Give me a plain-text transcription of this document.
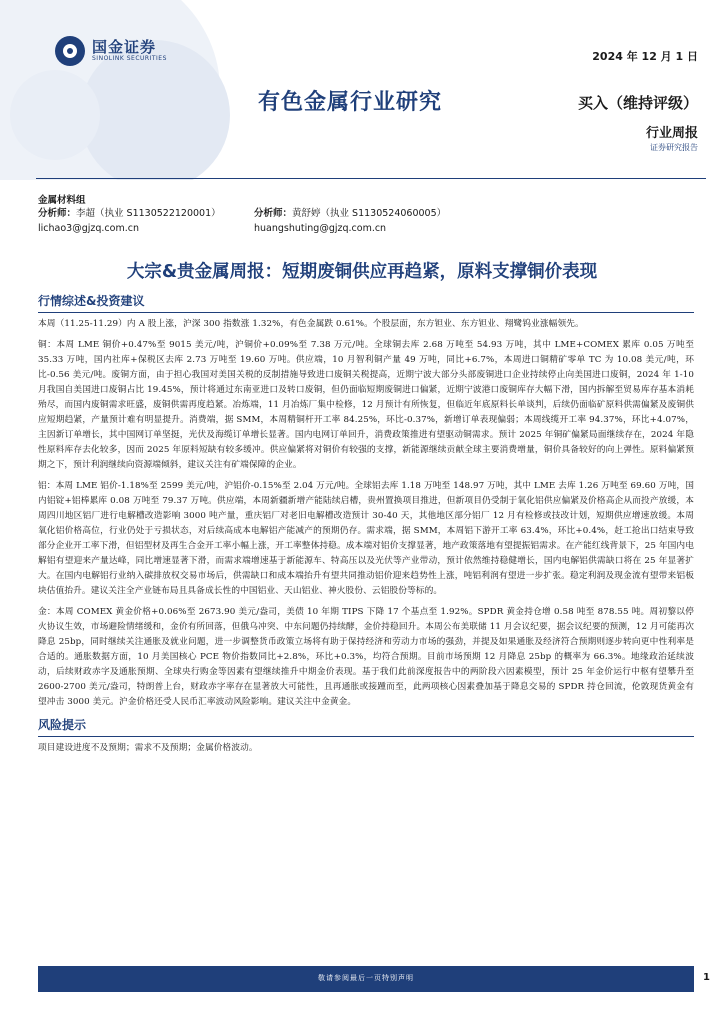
国金证券
SINOLINK SECURITIES	2024 年 12 月 1 日
有色金属行业研究	买入（维持评级）
行业周报
证券研究报告
金属材料组
分析师：李超（执业 S1130522120001）
lichao3@gjzq.com.cn
分析师：黄舒婷（执业 S1130524060005）
huangshuting@gjzq.com.cn
大宗&贵金属周报：短期废铜供应再趋紧，原料支撑铜价表现
行情综述&投资建议

本周（11.25-11.29）内 A 股上涨，沪深 300 指数涨 1.32%，有色金属跌 0.61%。个股层面，东方钽业、东方钽业、翔鹭钨业涨幅领先。

铜：本周 LME 铜价+0.47%至 9015 美元/吨，沪铜价+0.09%至 7.38 万元/吨。全球铜去库 2.68 万吨至 54.93 万吨，其中 LME+COMEX 累库 0.05 万吨至 35.33 万吨，国内社库+保税区去库 2.73 万吨至 19.60 万吨。供应端，10 月智利铜产量 49 万吨，同比+6.7%，本周进口铜精矿零单 TC 为 10.08 美元/吨，环比-0.56 美元/吨。废铜方面，由于担心我国对美国关税的反制措施导致进口废铜关税提高，近期宁波大部分头部废铜进口企业持续停止向美国进口废铜，2024 年 1-10 月我国自美国进口废铜占比 19.45%，预计将通过东南亚进口及转口废铜，但仍面临短期废铜进口偏紧，近期宁波港口废铜库存大幅下滑，国内拆解至贸易库存基本消耗殆尽，而国内废铜需求旺盛，废铜供需再度趋紧。冶炼端，11 月冶炼厂集中检修，12 月预计有所恢复，但临近年底原料长单谈判，后续仍面临矿原料供需偏紧及废铜供应短期趋紧，产量预计难有明显提升。消费端，据 SMM，本周精铜杆开工率 84.25%，环比-0.37%，新增订单表现偏弱；本周线缆开工率 94.37%，环比+4.07%，主因新订单增长，其中国网订单坚挺，光伏及海缆订单增长显著。国内电网订单回升，消费政策推进有望驱动铜需求。预计 2025 年铜矿偏紧局面继续存在，2024 年隐性原料库存去化较多，因而 2025 年原料短缺有较多缓冲。供应偏紧将对铜价有较强的支撑，新能源继续贡献全球主要消费增量，铜价具备较好的向上弹性。原料偏紧预期之下，预计利润继续向资源端倾斜，建议关注有矿端保障的企业。

铝：本周 LME 铝价-1.18%至 2599 美元/吨，沪铝价-0.15%至 2.04 万元/吨。全球铝去库 1.18 万吨至 148.97 万吨，其中 LME 去库 1.26 万吨至 69.60 万吨，国内铝锭+铝棒累库 0.08 万吨至 79.37 万吨。供应端，本周新疆新增产能陆续启槽，贵州置换项目推进，但新项目仍受制于氧化铝供应偏紧及价格高企从而投产放缓，本周四川地区铝厂进行电解槽改造影响 3000 吨产量，重庆铝厂对老旧电解槽改造预计 30-40 天，其他地区部分铝厂 12 月有检修或技改计划，短期供应增速放缓。本周氧化铝价格高位，行业仍处于亏损状态，对后续高成本电解铝产能减产的预期仍存。需求端，据 SMM，本周铝下游开工率 63.4%，环比+0.4%，赶工抢出口结束导致部分企业开工率下滑，但铝型材及再生合金开工率小幅上涨，开工率整体持稳。成本端对铝价支撑显著，地产政策落地有望提振铝需求。在产能红线背景下，25 年国内电解铝有望迎来产量达峰，同比增速显著下滑，而需求端增速基于新能源车、特高压以及光伏等产业带动，预计依然维持稳健增长，国内电解铝供需缺口将在 25 年显著扩大。在国内电解铝行业纳入碳排放权交易市场后，供需缺口和成本端抬升有望共同推动铝价迎来趋势性上涨，吨铝利润有望进一步扩张。稳定利润及现金流有望带来铝板块估值抬升。建议关注全产业链布局且具备成长性的中国铝业、天山铝业、神火股份、云铝股份等标的。

金：本周 COMEX 黄金价格+0.06%至 2673.90 美元/盎司，美债 10 年期 TIPS 下降 17 个基点至 1.92%。SPDR 黄金持仓增 0.58 吨至 878.55 吨。周初黎以停火协议生效，市场避险情绪缓和，金价有所回落，但俄乌冲突、中东问题仍持续酵，金价持稳回升。本周公布美联储 11 月会议纪要，据会议纪要的预测，12 月可能再次降息 25bp，同时继续关注通胀及就业问题，进一步调整货币政策立场将有助于保持经济和劳动力市场的强劲，并提及如果通胀及经济符合预期则逐步转向更中性利率是合适的。通胀数据方面，10 月美国核心 PCE 物价指数同比+2.8%，环比+0.3%，均符合预期。目前市场预期 12 月降息 25bp 的概率为 66.3%。地缘政治延续波动，后续财政赤字及通胀预期、全球央行购金等因素有望继续推升中期金价表现。基于我们此前深度报告中的两阶段六因素模型，预计 25 年金价运行中枢有望攀升至 2600-2700 美元/盎司，特朗普上台，财政赤字率存在显著放大可能性，且再通胀或接踵而至，此两项核心因素叠加基于降息交易的 SPDR 持仓回流，伦敦现货黄金有望冲击 3000 美元。沪金价格还受人民币汇率波动风险影响。建议关注中金黄金。

风险提示

项目建设进度不及预期；需求不及预期；金属价格波动。

敬请参阅最后一页特别声明	1
